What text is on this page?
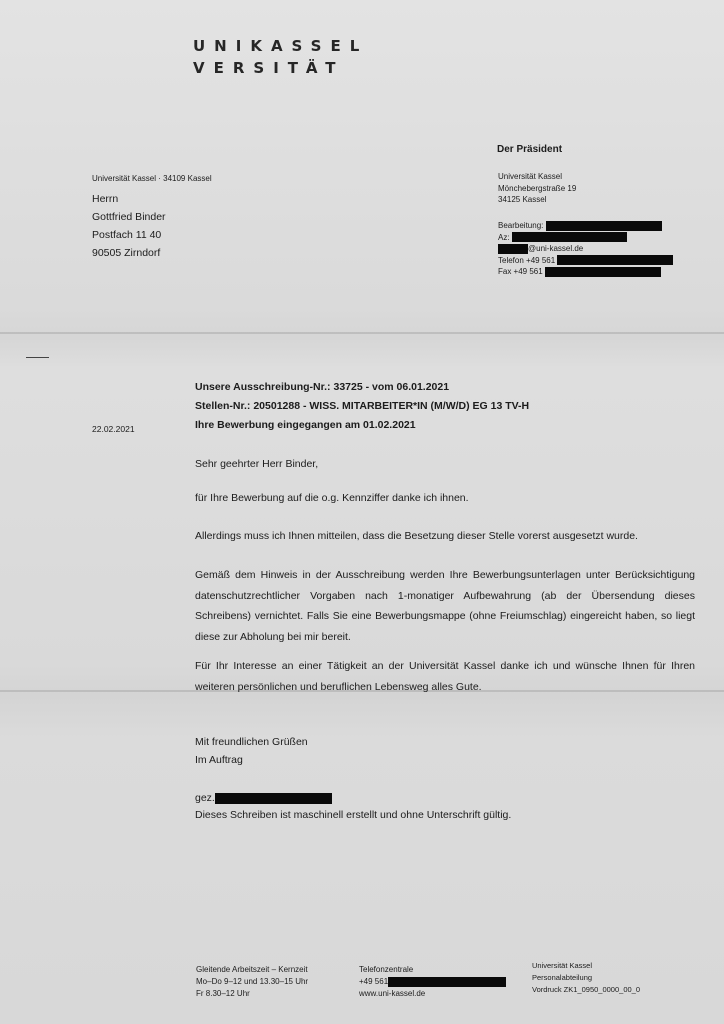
UNIKASSEL
VERSITÄT
Universität Kassel · 34109 Kassel
Herrn
Gottfried Binder
Postfach 11 40
90505 Zirndorf
Der Präsident
Universität Kassel
Mönchebergstraße 19
34125 Kassel
Bearbeitung:
Az:
@uni-kassel.de
Telefon +49 561
Fax +49 561
22.02.2021
Unsere Ausschreibung-Nr.: 33725 - vom 06.01.2021
Stellen-Nr.: 20501288 - WISS. MITARBEITER*IN (M/W/D) EG 13 TV-H
Ihre Bewerbung eingegangen am 01.02.2021
Sehr geehrter Herr Binder,
für Ihre Bewerbung auf die o.g. Kennziffer danke ich ihnen.
Allerdings muss ich Ihnen mitteilen, dass die Besetzung dieser Stelle vorerst ausgesetzt wurde.
Gemäß dem Hinweis in der Ausschreibung werden Ihre Bewerbungsunterlagen unter Berücksichtigung datenschutzrechtlicher Vorgaben nach 1-monatiger Aufbewahrung (ab der Übersendung dieses Schreibens) vernichtet. Falls Sie eine Bewerbungsmappe (ohne Freiumschlag) eingereicht haben, so liegt diese zur Abholung bei mir bereit.
Für Ihr Interesse an einer Tätigkeit an der Universität Kassel danke ich und wünsche Ihnen für Ihren weiteren persönlichen und beruflichen Lebensweg alles Gute.
Mit freundlichen Grüßen
Im Auftrag
gez.
Dieses Schreiben ist maschinell erstellt und ohne Unterschrift gültig.
Gleitende Arbeitszeit – Kernzeit
Mo–Do 9–12 und 13.30–15 Uhr
Fr 8.30–12 Uhr
Telefonzentrale
+49 561
www.uni-kassel.de
Universität Kassel
Personalabteilung
Vordruck ZK1_0950_0000_00_0
